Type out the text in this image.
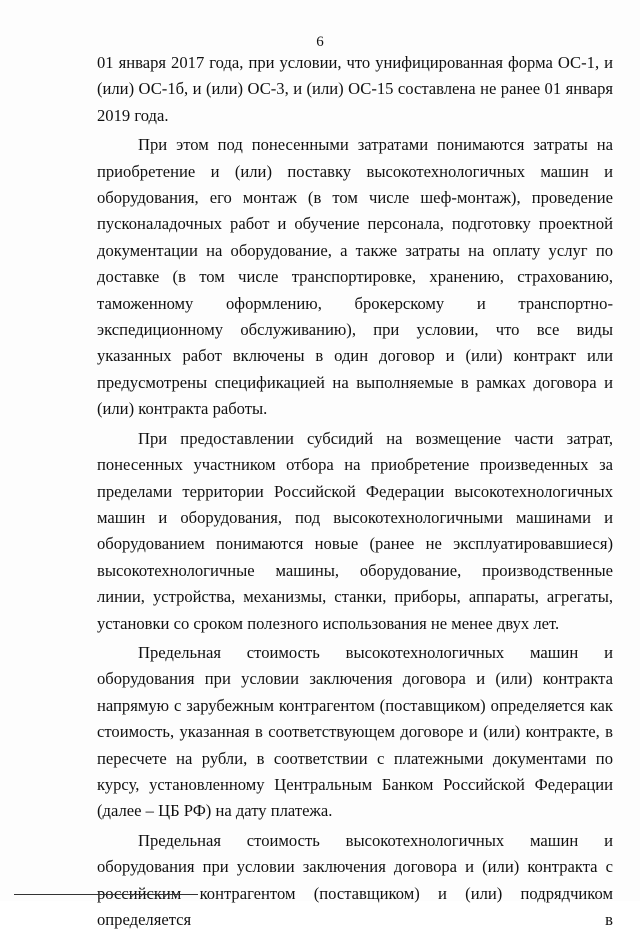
6

01 января 2017 года, при условии, что унифицированная форма ОС-1, и (или) ОС-1б, и (или) ОС-3, и (или) ОС-15 составлена не ранее 01 января 2019 года.

При этом под понесенными затратами понимаются затраты на приобретение и (или) поставку высокотехнологичных машин и оборудования, его монтаж (в том числе шеф-монтаж), проведение пусконаладочных работ и обучение персонала, подготовку проектной документации на оборудование, а также затраты на оплату услуг по доставке (в том числе транспортировке, хранению, страхованию, таможенному оформлению, брокерскому и транспортно-экспедиционному обслуживанию), при условии, что все виды указанных работ включены в один договор и (или) контракт или предусмотрены спецификацией на выполняемые в рамках договора и (или) контракта работы.

При предоставлении субсидий на возмещение части затрат, понесенных участником отбора на приобретение произведенных за пределами территории Российской Федерации высокотехнологичных машин и оборудования, под высокотехнологичными машинами и оборудованием понимаются новые (ранее не эксплуатировавшиеся) высокотехнологичные машины, оборудование, производственные линии, устройства, механизмы, станки, приборы, аппараты, агрегаты, установки со сроком полезного использования не менее двух лет.

Предельная стоимость высокотехнологичных машин и оборудования при условии заключения договора и (или) контракта напрямую с зарубежным контрагентом (поставщиком) определяется как стоимость, указанная в соответствующем договоре и (или) контракте, в пересчете на рубли, в соответствии с платежными документами по курсу, установленному Центральным Банком Российской Федерации (далее – ЦБ РФ) на дату платежа.

Предельная стоимость высокотехнологичных машин и оборудования при условии заключения договора и (или) контракта с российским контрагентом (поставщиком) и (или) подрядчиком определяется в
